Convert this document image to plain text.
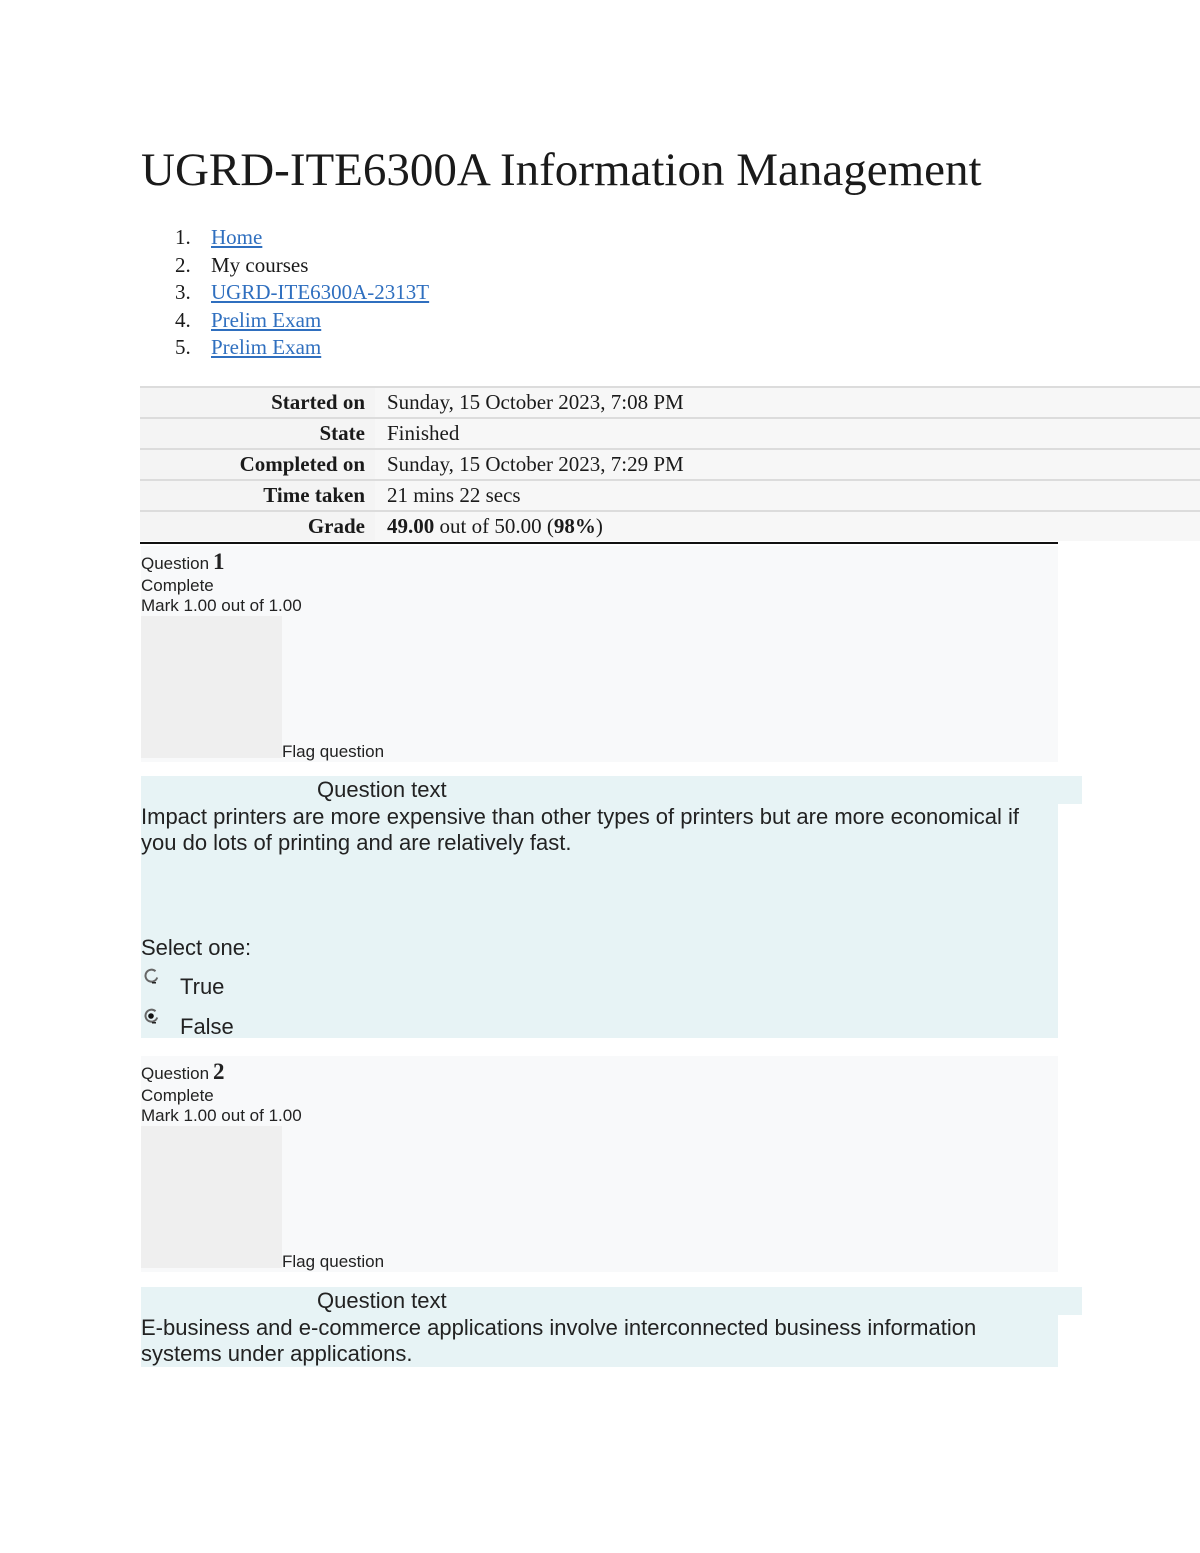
UGRD-ITE6300A Information Management
1. Home
2. My courses
3. UGRD-ITE6300A-2313T
4. Prelim Exam
5. Prelim Exam
Started on	Sunday, 15 October 2023, 7:08 PM
State	Finished
Completed on	Sunday, 15 October 2023, 7:29 PM
Time taken	21 mins 22 secs
Grade	49.00 out of 50.00 (98%)
Question 1
Complete
Mark 1.00 out of 1.00
Flag question
Question text
Impact printers are more expensive than other types of printers but are more economical if you do lots of printing and are relatively fast.
Select one:
True
False
Question 2
Complete
Mark 1.00 out of 1.00
Flag question
Question text
E-business and e-commerce applications involve interconnected business information systems under applications.
